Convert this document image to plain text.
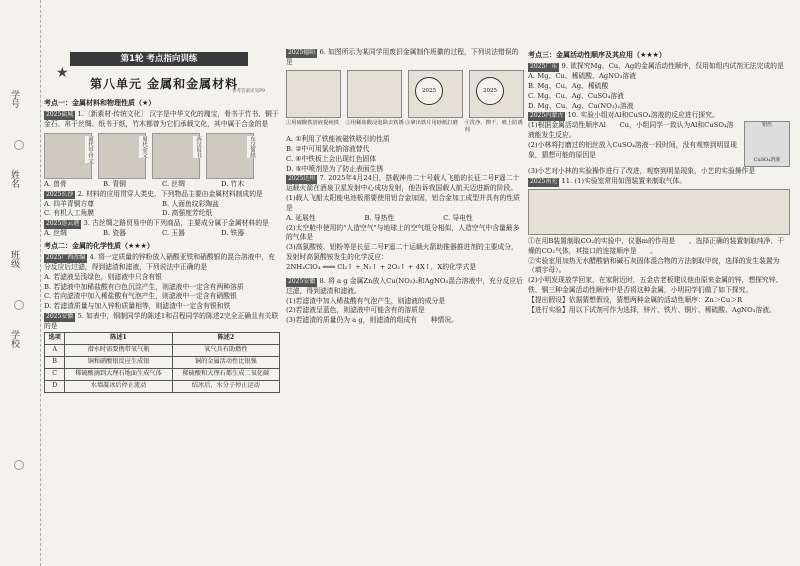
学号
姓名
班级
学校
第1轮 考点指向训练
★
第八单元 金属和金属材料
参考答案详见P9
考点一：金属材料和物理性质（★）

2025盐城 1.〔新素材·传统文化〕 汉字是中华文化的瑰宝，骨书于竹书、铜于金石、帛于丝绸、纸书于纸，竹木都曾为它们承载文化，其中属于合金的是

商代甲骨文	周代金文	西汉帛书	东汉简牍
A. 兽骨	B. 青铜	C. 丝绸	D. 竹木

2025长沙 2. 材料的应用贯穿人类史，下列物品主要由金属材料制成的是

A. 四羊青铜方尊	B. 人面鱼纹彩陶盆
C. 有机人工角膜	D. 高强度芳纶纸

2025连云港 3. 古丝绸之路贸易中的下列商品，主要成分属于金属材料的是

A. 丝绸	B. 瓷器	C. 玉器	D. 铁器
考点二：金属的化学性质（★★★）

2025广西改编 4. 将一定质量的锌粉放入硝酸亚铁和硝酸银的混合溶液中，充分反应后过滤，得到滤渣和滤液，下列说法中正确的是

A. 若滤液呈浅绿色，则滤液中只含有银

B. 若滤液中加稀盐酸有白色沉淀产生，则滤液中一定含有两种溶质

C. 若向滤渣中加入稀盐酸有气泡产生，则滤液中一定含有硝酸银

D. 若滤渣质量与加入锌粉质量相等，则滤渣中一定含有银和铁

2025安徽 5. 如表中，钢制同学的陈述1和召程同学的陈述2完全正确且有关联的是

选项	陈述1	陈述2
A	潜水时需要携带氧气瓶	氧气具有助燃性
B	铜和硝酸银反应生成银	铜的金属活动性比银强
C	稀硫酸滴到大理石地面生成气体	稀硫酸和大理石都生成二氧化碳
D	水墙凝冰后停止流动	结冰后，水分子停止运动

2025德阳 6. 如图所示为某同学用废旧金属制作班徽的过程，下列说法错误的是

2025	2025
①用硫酸铁溶液提纯铁	②用稀盐酸浸泡除去铁锈 ③拿出铁片用砂纸打磨	④洗净、擦干、喷上防锈剂

A. ①利用了铁能被磁铁吸引的性质

B. ②中可用氯化钠溶液替代

C. ④中铁板上会出现红色固体

D. ⑤中喷剂是为了防止表面生锈

2025达州 7. 2025年4月24日，搭载神舟二十号载人飞船的长征二号F遥二十运载火箭在酒泉卫星发射中心成功发射，他告诉我国载人航天迈进新的阶段。

(1)载人飞船太阳能电池板需要使用铝合金加固，铝合金加工成型并具有的性质是

A. 延展性	B. 导热性	C. 导电性

(2)太空舱中使用的"人造空气"与地球上的空气组分相似，人造空气中含量最多的气体是

(3)高氯酸铵、铝粉等是长征二号F遥二十运载火箭助推器推进剂的主要成分，发射时高氯酸铵发生的化学反应：

2NH₄ClO₄ ═══ Cl₂↑ + N₂↑ + 2O₂↑ + 4X↑，X的化学式是

2025安徽 8. 将 a g 金属Zn放入Cu(NO₃)₂和AgNO₃混合溶液中，充分反应后过滤，得到滤渣和滤液。

(1)若滤渣中加入稀盐酸有气泡产生，则滤液的成分是

(2)若滤液呈蓝色，则滤液中可能含有的溶质是

(3)若滤渣的质量仍为 a g，则滤渣的组成有　　种情况。

考点三：金属活动性顺序及其应用（★★★）

2025广东 9. 欲探究Mg、Cu、Ag的金属活动性顺序，仅用如组内试剂无法完成的是

A. Mg、Cu、稀硫酸、AgNO₃溶液

B. Mg、Cu、Ag、稀硫酸

C. Mg、Cu、Ag、CuSO₄溶液

D. Mg、Cu、Ag、Cu(NO₃)₂溶液

2025内蒙古 10. 实验小组对Al和CuSO₄溶液的反应进行探究。

(1)根据金属活动性顺序Al　　Cu，小组同学一致认为Al和CuSO₄溶液能发生反应。

(2)小林将打磨过的铝丝放入CuSO₄溶液一段时间，没有观察到明显现象，猜想可能的原因是

铝丝
CuSO₄溶液

(3)小艺对小林的实验操作进行了改进，观察到明显现象，小艺的实验操作是

2025南充 11. (1)实验室常用如图装置来制取气体。

①在用B装置制取CO₂的实验中，仪器m的作用是　　。选择正确的装置制取纯净、干燥的CO₂气体，其接口的连接顺序是　　。

②实验室用加热无水醋酸钠和碱石灰固体混合物的方法制取甲烷，选择的发生装置为　　（填字母）。

(2)小明发现放学回家，在家附近时，五金店老板建议他由原来金属的锌，想探究锌、铁、铜三种金属活动性顺序中是否将这种金属，小明同学们做了如下探究。

【提出假设】依据猜想假设，猜想两种金属的活动性顺序：Zn＞Cu＞R

【进行实验】用以下试剂可作为选择，锌片、铁片、铜片、稀硫酸、AgNO₃溶液。
